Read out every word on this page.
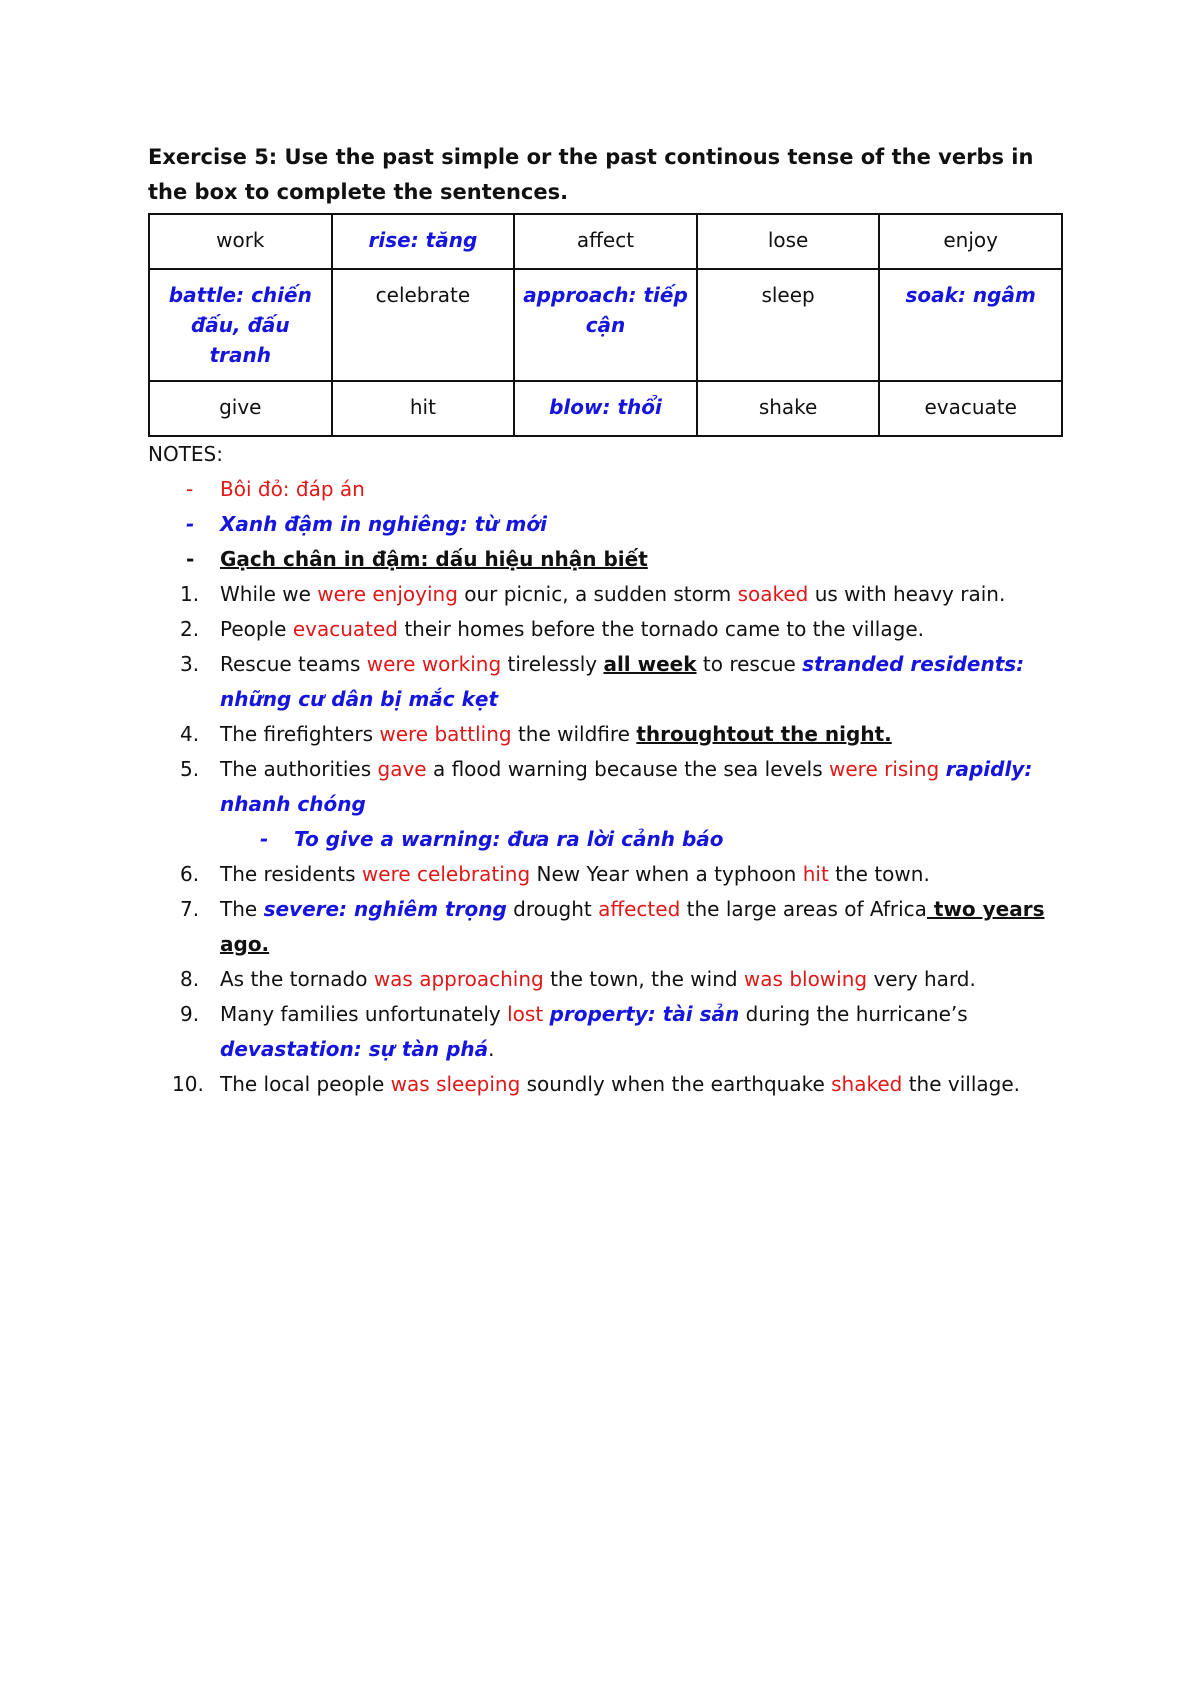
Exercise 5: Use the past simple or the past continous tense of the verbs in the box to complete the sentences.

work	rise: tăng	affect	lose	enjoy
battle: chiến đấu, đấu tranh	celebrate	approach: tiếp cận	sleep	soak: ngâm
give	hit	blow: thổi	shake	evacuate

NOTES:

- Bôi đỏ: đáp án
- Xanh đậm in nghiêng: từ mới
- Gạch chân in đậm: dấu hiệu nhận biết
1.	While we were enjoying our picnic, a sudden storm soaked us with heavy rain.
2.	People evacuated their homes before the tornado came to the village.
3.	Rescue teams were working tirelessly all week to rescue stranded residents: những cư dân bị mắc kẹt
4.	The firefighters were battling the wildfire throughtout the night.
5.	The authorities gave a flood warning because the sea levels were rising rapidly: nhanh chóng
- To give a warning: đưa ra lời cảnh báo
6.	The residents were celebrating New Year when a typhoon hit the town.
7.	The severe: nghiêm trọng drought affected the large areas of Africa two years ago.
8.	As the tornado was approaching the town, the wind was blowing very hard.
9.	Many families unfortunately lost property: tài sản during the hurricane’s devastation: sự tàn phá.
10. The local people was sleeping soundly when the earthquake shaked the village.
